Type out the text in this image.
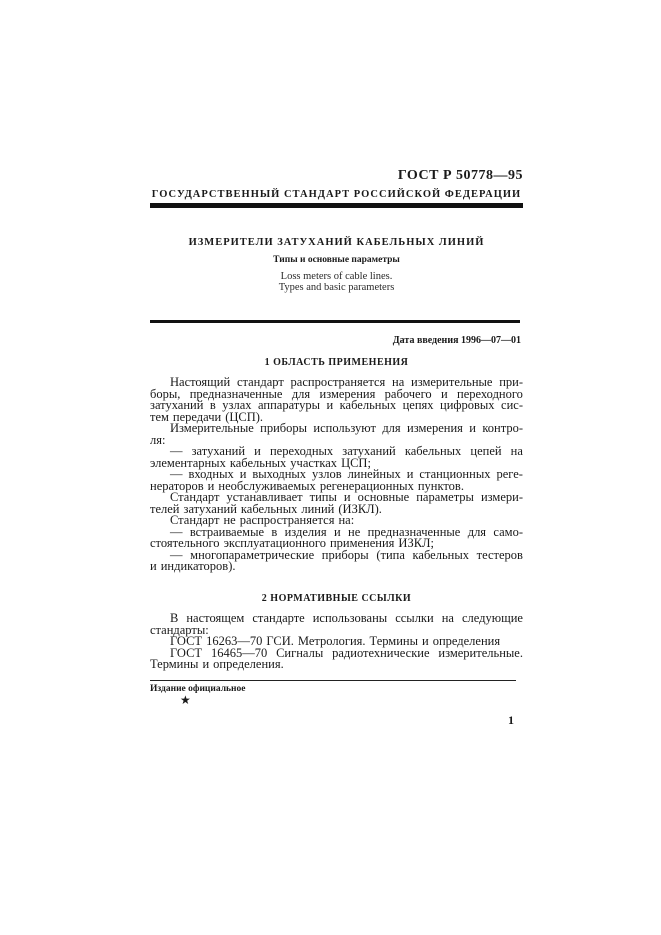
ГОСТ Р 50778—95
ГОСУДАРСТВЕННЫЙ СТАНДАРТ РОССИЙСКОЙ ФЕДЕРАЦИИ
ИЗМЕРИТЕЛИ ЗАТУХАНИЙ КАБЕЛЬНЫХ ЛИНИЙ
Типы и основные параметры
Loss meters of cable lines.
Types and basic parameters
Дата введения 1996—07—01
1 ОБЛАСТЬ ПРИМЕНЕНИЯ
Настоящий стандарт распространяется на измерительные при-
боры, предназначенные для измерения рабочего и переходного
затуханий в узлах аппаратуры и кабельных цепях цифровых сис-
тем передачи (ЦСП).
Измерительные приборы используют для измерения и контро-
ля:
— затуханий и переходных затуханий кабельных цепей на
элементарных кабельных участках ЦСП;
— входных и выходных узлов линейных и станционных реге-
нераторов и необслуживаемых регенерационных пунктов.
Стандарт устанавливает типы и основные параметры измери-
телей затуханий кабельных линий (ИЗКЛ).
Стандарт не распространяется на:
— встраиваемые в изделия и не предназначенные для само-
стоятельного эксплуатационного применения ИЗКЛ;
— многопараметрические приборы (типа кабельных тестеров
и индикаторов).
2 НОРМАТИВНЫЕ ССЫЛКИ
В настоящем стандарте использованы ссылки на следующие
стандарты:
ГОСТ 16263—70 ГСИ. Метрология. Термины и определения
ГОСТ 16465—70 Сигналы радиотехнические измерительные.
Термины и определения.
Издание официальное
★
1
